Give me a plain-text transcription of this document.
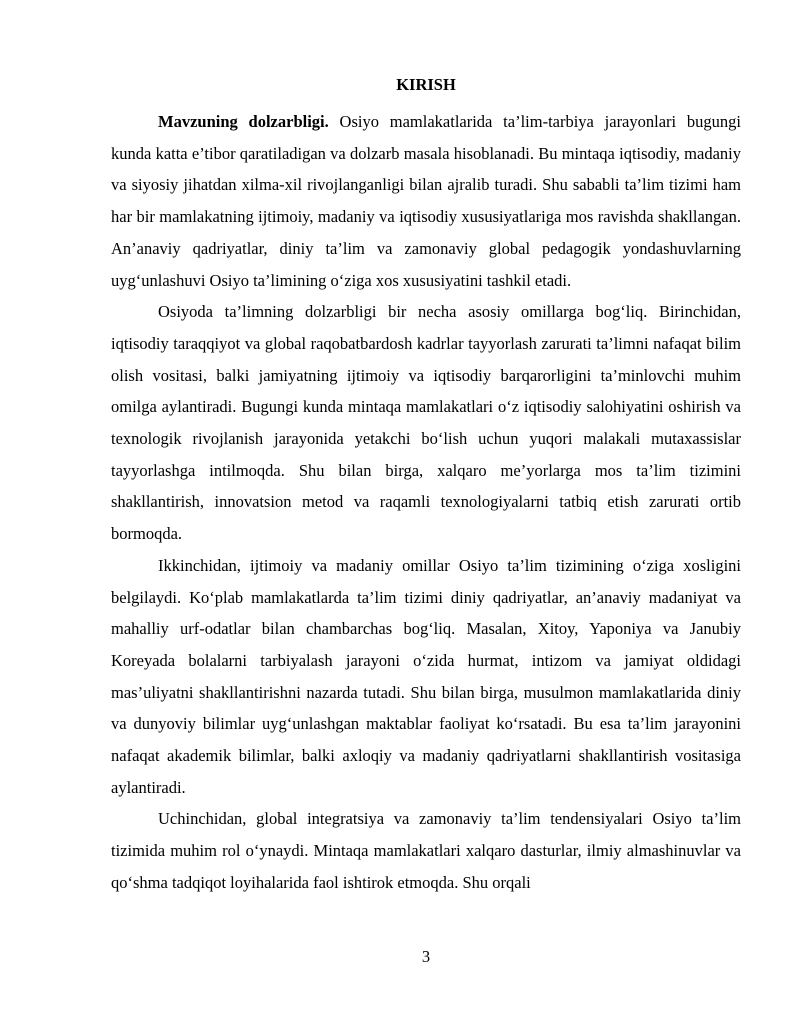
KIRISH

Mavzuning dolzarbligi. Osiyo mamlakatlarida ta’lim-tarbiya jarayonlari bugungi kunda katta e’tibor qaratiladigan va dolzarb masala hisoblanadi. Bu mintaqa iqtisodiy, madaniy va siyosiy jihatdan xilma-xil rivojlanganligi bilan ajralib turadi. Shu sababli ta’lim tizimi ham har bir mamlakatning ijtimoiy, madaniy va iqtisodiy xususiyatlariga mos ravishda shakllangan. An’anaviy qadriyatlar, diniy ta’lim va zamonaviy global pedagogik yondashuvlarning uyg‘unlashuvi Osiyo ta’limining o‘ziga xos xususiyatini tashkil etadi.

Osiyoda ta’limning dolzarbligi bir necha asosiy omillarga bog‘liq. Birinchidan, iqtisodiy taraqqiyot va global raqobatbardosh kadrlar tayyorlash zarurati ta’limni nafaqat bilim olish vositasi, balki jamiyatning ijtimoiy va iqtisodiy barqarorligini ta’minlovchi muhim omilga aylantiradi. Bugungi kunda mintaqa mamlakatlari o‘z iqtisodiy salohiyatini oshirish va texnologik rivojlanish jarayonida yetakchi bo‘lish uchun yuqori malakali mutaxassislar tayyorlashga intilmoqda. Shu bilan birga, xalqaro me’yorlarga mos ta’lim tizimini shakllantirish, innovatsion metod va raqamli texnologiyalarni tatbiq etish zarurati ortib bormoqda.

Ikkinchidan, ijtimoiy va madaniy omillar Osiyo ta’lim tizimining o‘ziga xosligini belgilaydi. Ko‘plab mamlakatlarda ta’lim tizimi diniy qadriyatlar, an’anaviy madaniyat va mahalliy urf-odatlar bilan chambarchas bog‘liq. Masalan, Xitoy, Yaponiya va Janubiy Koreyada bolalarni tarbiyalash jarayoni o‘zida hurmat, intizom va jamiyat oldidagi mas’uliyatni shakllantirishni nazarda tutadi. Shu bilan birga, musulmon mamlakatlarida diniy va dunyoviy bilimlar uyg‘unlashgan maktablar faoliyat ko‘rsatadi. Bu esa ta’lim jarayonini nafaqat akademik bilimlar, balki axloqiy va madaniy qadriyatlarni shakllantirish vositasiga aylantiradi.

Uchinchidan, global integratsiya va zamonaviy ta’lim tendensiyalari Osiyo ta’lim tizimida muhim rol o‘ynaydi. Mintaqa mamlakatlari xalqaro dasturlar, ilmiy almashinuvlar va qo‘shma tadqiqot loyihalarida faol ishtirok etmoqda. Shu orqali

3
